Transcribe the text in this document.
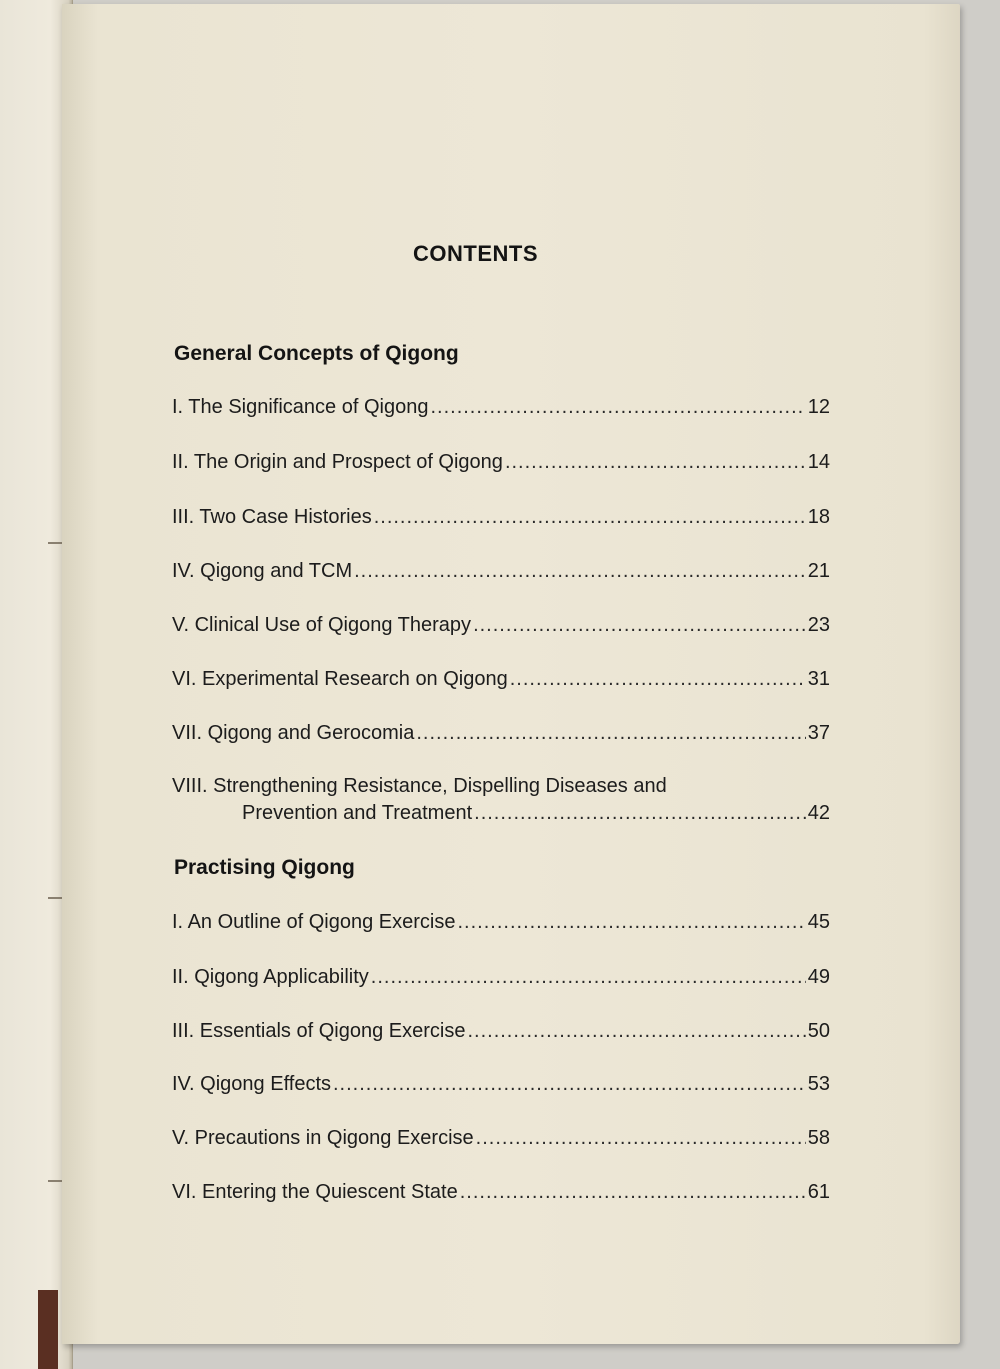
CONTENTS
General Concepts of Qigong
I. The Significance of Qigong .....	12
II. The Origin and Prospect of Qigong .....	14
III. Two Case Histories .....	18
IV. Qigong and TCM .....	21
V. Clinical Use of Qigong Therapy .....	23
VI. Experimental Research on Qigong .....	31
VII. Qigong and Gerocomia .....	37
VIII. Strengthening Resistance, Dispelling Diseases and
Prevention and Treatment .....	42
Practising Qigong
I. An Outline of Qigong Exercise .....	45
II. Qigong Applicability .....	49
III. Essentials of Qigong Exercise .....	50
IV. Qigong Effects .....	53
V. Precautions in Qigong Exercise .....	58
VI. Entering the Quiescent State .....	61
